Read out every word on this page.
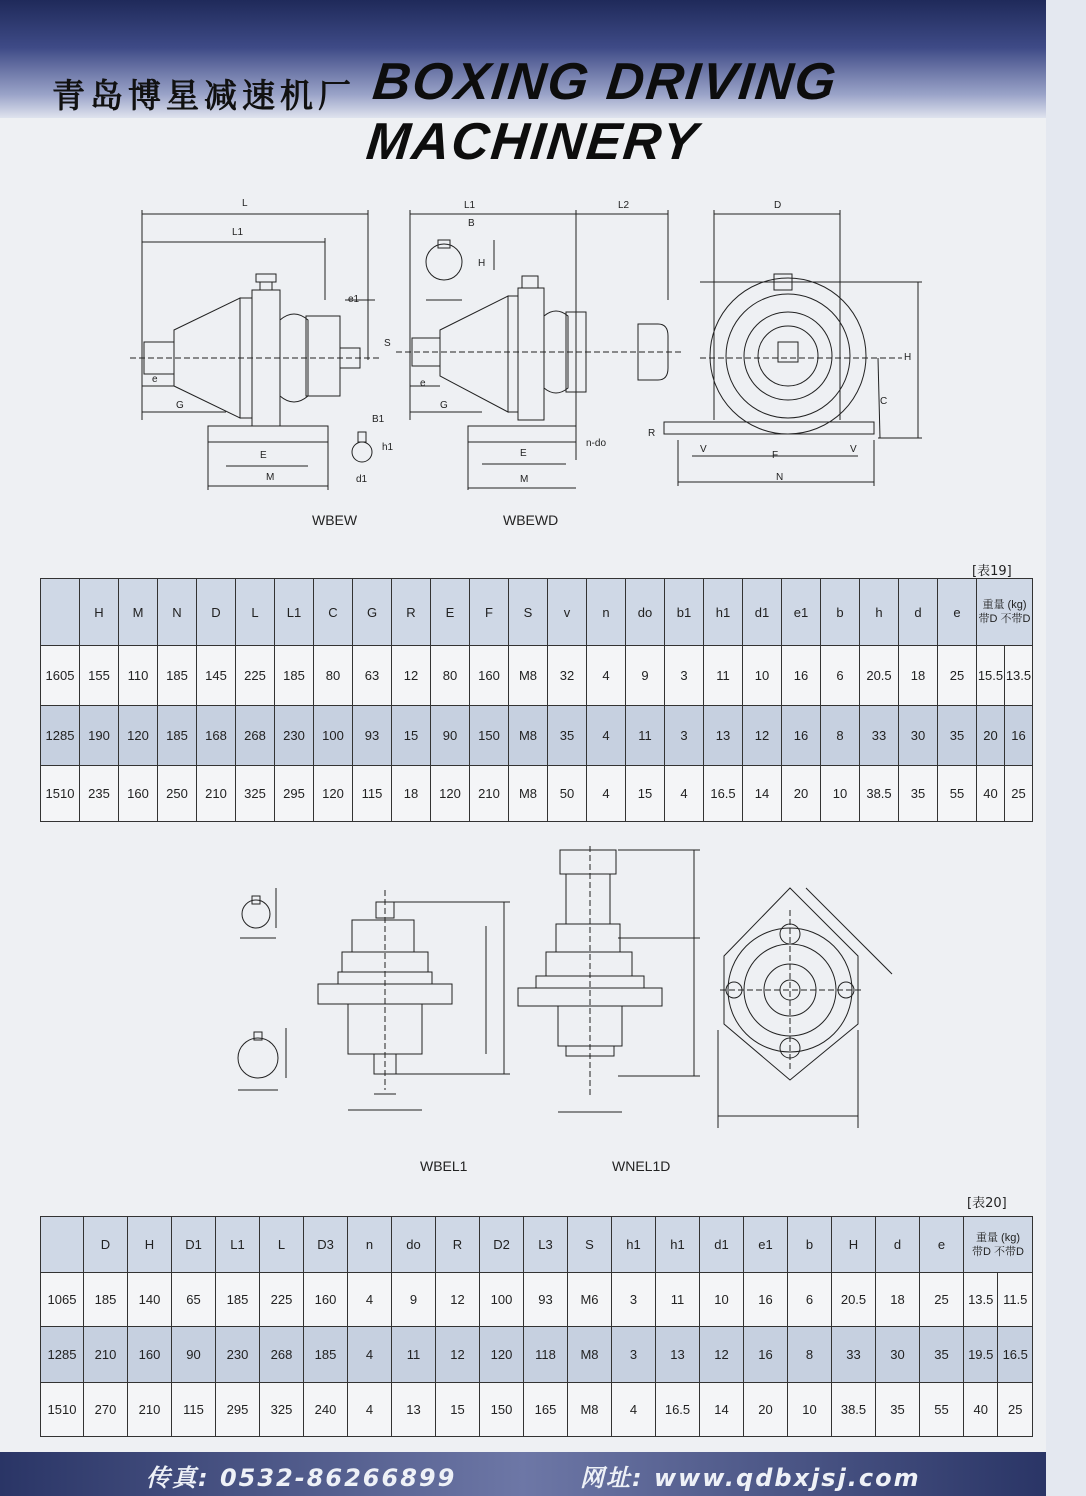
青岛博星减速机厂 BOXING DRIVING MACHINERY
L
L1
e1
e
G
B1
h1
d1
E
M
L1
B
H
L2
S
e
G
n-do
E
M
D
R
C
H
V
F
V
N
WBEW	WBEWD
[表19]
	H	M	N	D	L	L1	C	G	R	E	F	S	v	n	do	b1	h1	d1	e1	b	h	d	e	重量 (kg)
带D 不带D	

1605	155	110	185	145	225	185	80	63	12	80	160	M8	32	4	9	3	11	10	16	6	20.5	18	25	15.5	13.5
1285	190	120	185	168	268	230	100	93	15	90	150	M8	35	4	11	3	13	12	16	8	33	30	35	20	16
1510	235	160	250	210	325	295	120	115	18	120	210	M8	50	4	15	4	16.5	14	20	10	38.5	35	55	40	25
WBEL1	WNEL1D
[表20]
	D	H	D1	L1	L	D3	n	do	R	D2	L3	S	h1	h1	d1	e1	b	H	d	e	重量 (kg)
带D 不带D	

1065	185	140	65	185	225	160	4	9	12	100	93	M6	3	11	10	16	6	20.5	18	25	13.5	11.5
1285	210	160	90	230	268	185	4	11	12	120	118	M8	3	13	12	16	8	33	30	35	19.5	16.5
1510	270	210	115	295	325	240	4	13	15	150	165	M8	4	16.5	14	20	10	38.5	35	55	40	25
传真: 0532-86266899	网址: www.qdbxjsj.com
